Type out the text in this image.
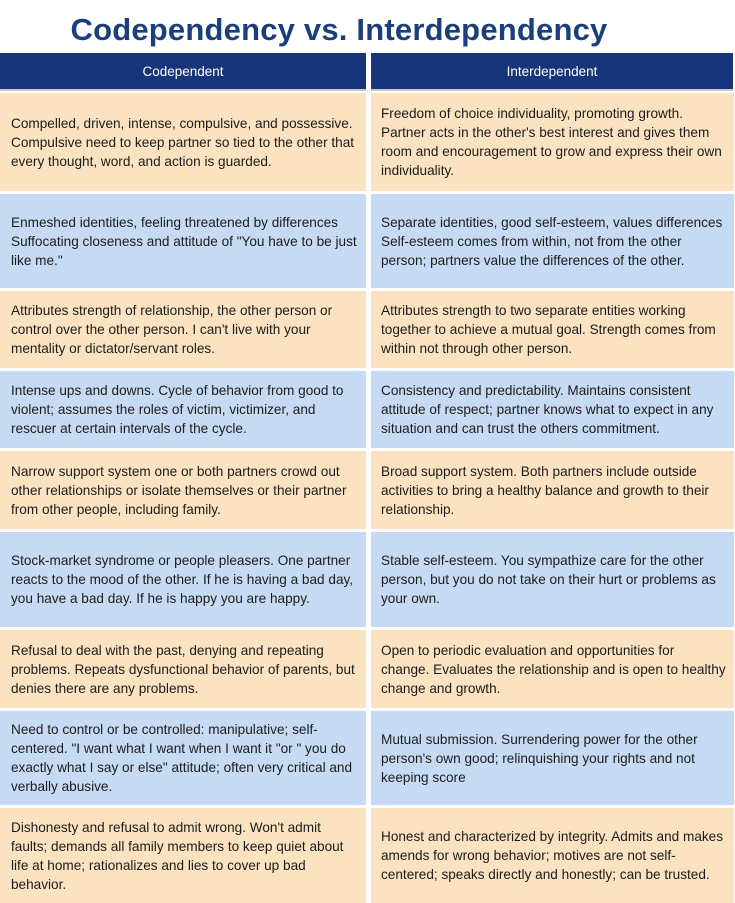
Codependency vs. Interdependency
Codependent	Interdependent
Compelled, driven, intense, compulsive, and possessive. Compulsive need to keep partner so tied to the other that every thought, word, and action is guarded.
Freedom of choice individuality, promoting growth. Partner acts in the other's best interest and gives them room and encouragement to grow and express their own individuality.
Enmeshed identities, feeling threatened by differences Suffocating closeness and attitude of "You have to be just like me."
Separate identities, good self-esteem, values differences Self-esteem comes from within, not from the other person; partners value the differences of the other.
Attributes strength of relationship, the other person or control over the other person. I can't live with your mentality or dictator/servant roles.
Attributes strength to two separate entities working together to achieve a mutual goal. Strength comes from within not through other person.
Intense ups and downs. Cycle of behavior from good to violent; assumes the roles of victim, victimizer, and rescuer at certain intervals of the cycle.
Consistency and predictability. Maintains consistent attitude of respect; partner knows what to expect in any situation and can trust the others commitment.
Narrow support system one or both partners crowd out other relationships or isolate themselves or their partner from other people, including family.
Broad support system. Both partners include outside activities to bring a healthy balance and growth to their relationship.
Stock-market syndrome or people pleasers. One partner reacts to the mood of the other. If he is having a bad day, you have a bad day. If he is happy you are happy.
Stable self-esteem. You sympathize care for the other person, but you do not take on their hurt or problems as your own.
Refusal to deal with the past, denying and repeating problems. Repeats dysfunctional behavior of parents, but denies there are any problems.
Open to periodic evaluation and opportunities for change. Evaluates the relationship and is open to healthy change and growth.
Need to control or be controlled: manipulative; self-centered. "I want what I want when I want it "or " you do exactly what I say or else" attitude; often very critical and verbally abusive.
Mutual submission. Surrendering power for the other person's own good; relinquishing your rights and not keeping score
Dishonesty and refusal to admit wrong. Won't admit faults; demands all family members to keep quiet about life at home; rationalizes and lies to cover up bad behavior.
Honest and characterized by integrity. Admits and makes amends for wrong behavior; motives are not self-centered; speaks directly and honestly; can be trusted.
